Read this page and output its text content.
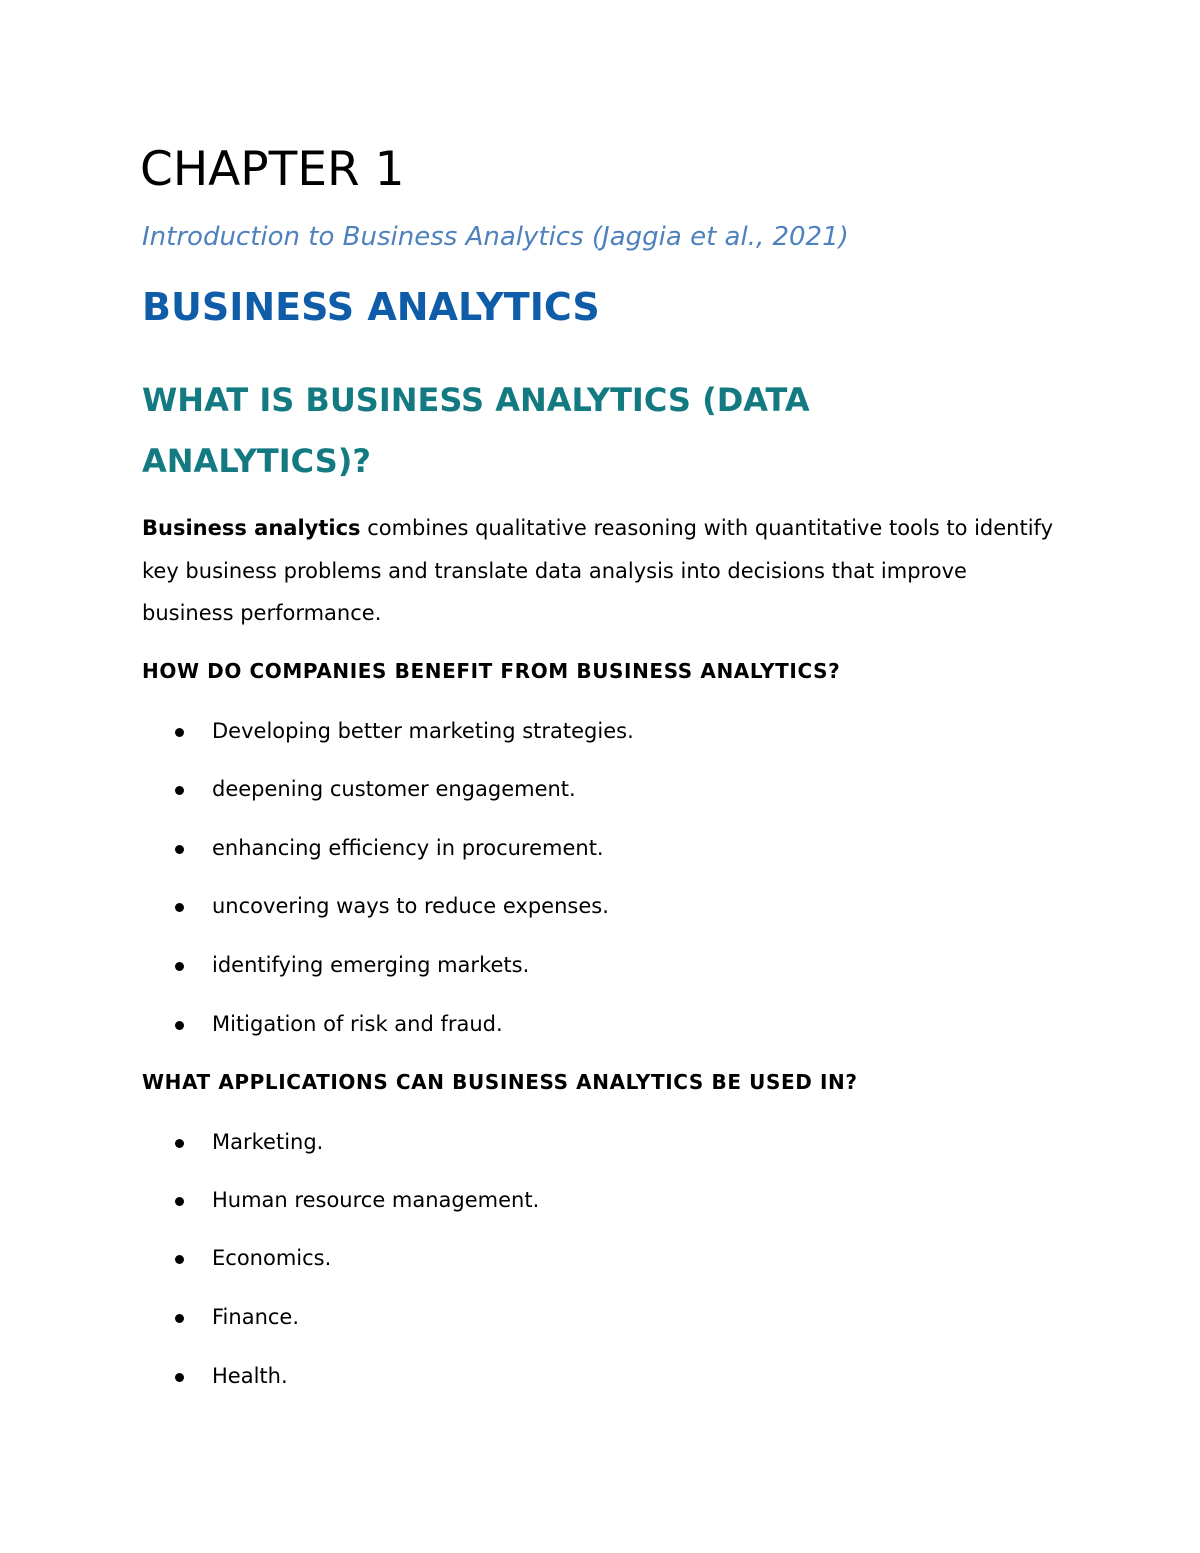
CHAPTER 1

Introduction to Business Analytics (Jaggia et al., 2021)

BUSINESS ANALYTICS
WHAT IS BUSINESS ANALYTICS (DATA ANALYTICS)?

Business analytics combines qualitative reasoning with quantitative tools to identify key business problems and translate data analysis into decisions that improve business performance.

HOW DO COMPANIES BENEFIT FROM BUSINESS ANALYTICS?
Developing better marketing strategies.
deepening customer engagement.
enhancing efficiency in procurement.
uncovering ways to reduce expenses.
identifying emerging markets.
Mitigation of risk and fraud.
WHAT APPLICATIONS CAN BUSINESS ANALYTICS BE USED IN?
Marketing.
Human resource management.
Economics.
Finance.
Health.
